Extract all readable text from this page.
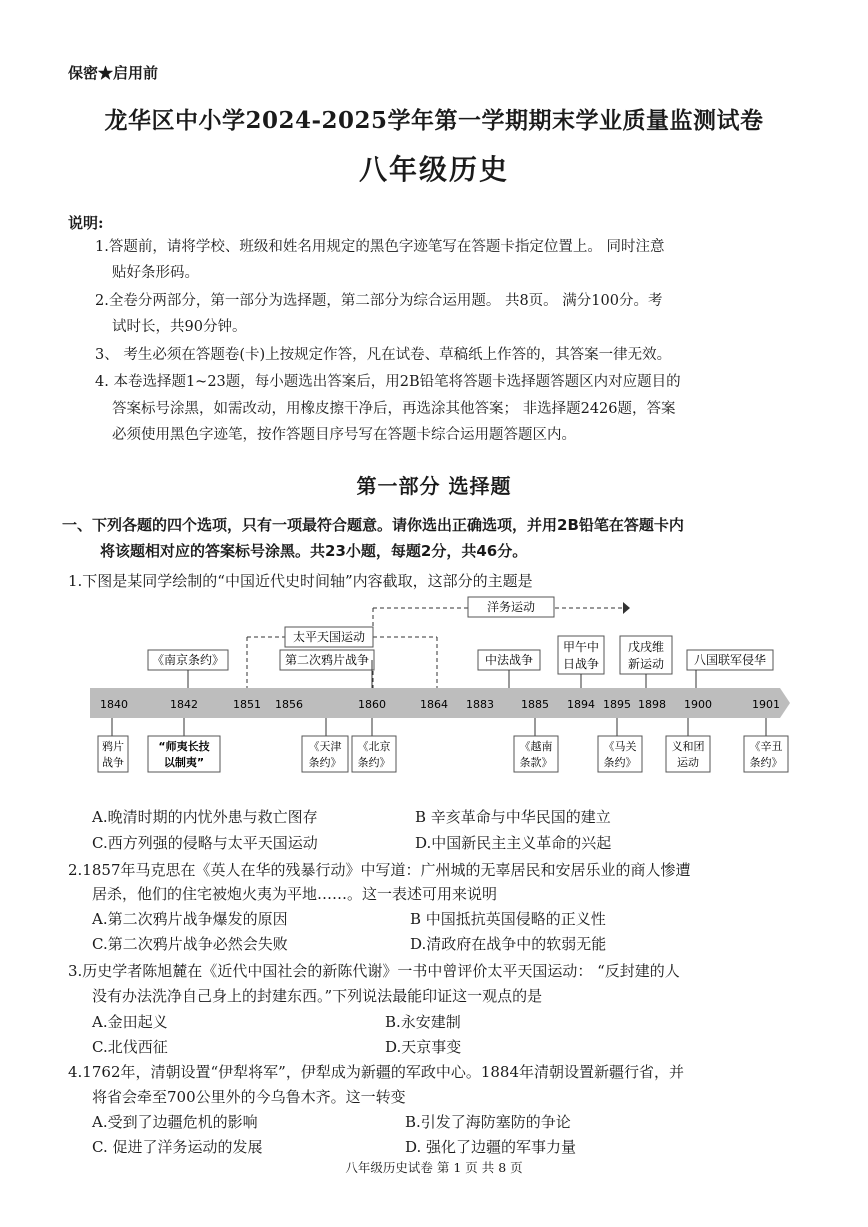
保密★启用前
龙华区中小学2024-2025学年第一学期期末学业质量监测试卷
八年级历史
说明:
1.答题前，请将学校、班级和姓名用规定的黑色字迹笔写在答题卡指定位置上。 同时注意
贴好条形码。
2.全卷分两部分，第一部分为选择题，第二部分为综合运用题。 共8页。 满分100分。考
试时长，共90分钟。
3、 考生必须在答题卷(卡)上按规定作答，凡在试卷、草稿纸上作答的，其答案一律无效。
4. 本卷选择题1~23题，每小题选出答案后，用2B铅笔将答题卡选择题答题区内对应题目的
答案标号涂黑，如需改动，用橡皮擦干净后，再选涂其他答案； 非选择题2426题，答案
必须使用黑色字迹笔，按作答题目序号写在答题卡综合运用题答题区内。
第一部分 选择题
一、下列各题的四个选项，只有一项最符合题意。请你选出正确选项，并用2B铅笔在答题卡内
将该题相对应的答案标号涂黑。共23小题，每题2分，共46分。
1.下图是某同学绘制的“中国近代史时间轴”内容截取，这部分的主题是
洋务运动
太平天国运动
《南京条约》	第二次鸦片战争	中法战争
甲午中
日战争
戊戌维
新运动 八国联军侵华
1840	1842	1851 1856	1860	1864 1883 1885 1894 1895 1898 1900	1901
鸦片
战争
“师夷长技
以制夷”
《天津
条约》
《北京
条约》
《越南
条款》
《马关
条约》
义和团
运动
《辛丑
条约》
A.晚清时期的内忧外患与救亡图存	B 辛亥革命与中华民国的建立
C.西方列强的侵略与太平天国运动	D.中国新民主主义革命的兴起
2.1857年马克思在《英人在华的残暴行动》中写道：广州城的无辜居民和安居乐业的商人惨遭
居杀，他们的住宅被炮火夷为平地……。这一表述可用来说明
A.第二次鸦片战争爆发的原因	B 中国抵抗英国侵略的正义性
C.第二次鸦片战争必然会失败	D.清政府在战争中的软弱无能
3.历史学者陈旭麓在《近代中国社会的新陈代谢》一书中曾评价太平天国运动： “反封建的人
没有办法洗净自己身上的封建东西。”下列说法最能印证这一观点的是
A.金田起义	B.永安建制
C.北伐西征	D.天京事变
4.1762年，清朝设置“伊犁将军”，伊犁成为新疆的军政中心。1884年清朝设置新疆行省，并
将省会牵至700公里外的今乌鲁木齐。这一转变
A.受到了边疆危机的影响	B.引发了海防塞防的争论
C. 促进了洋务运动的发展	D. 强化了边疆的军事力量
八年级历史试卷 第 1 页 共 8 页
